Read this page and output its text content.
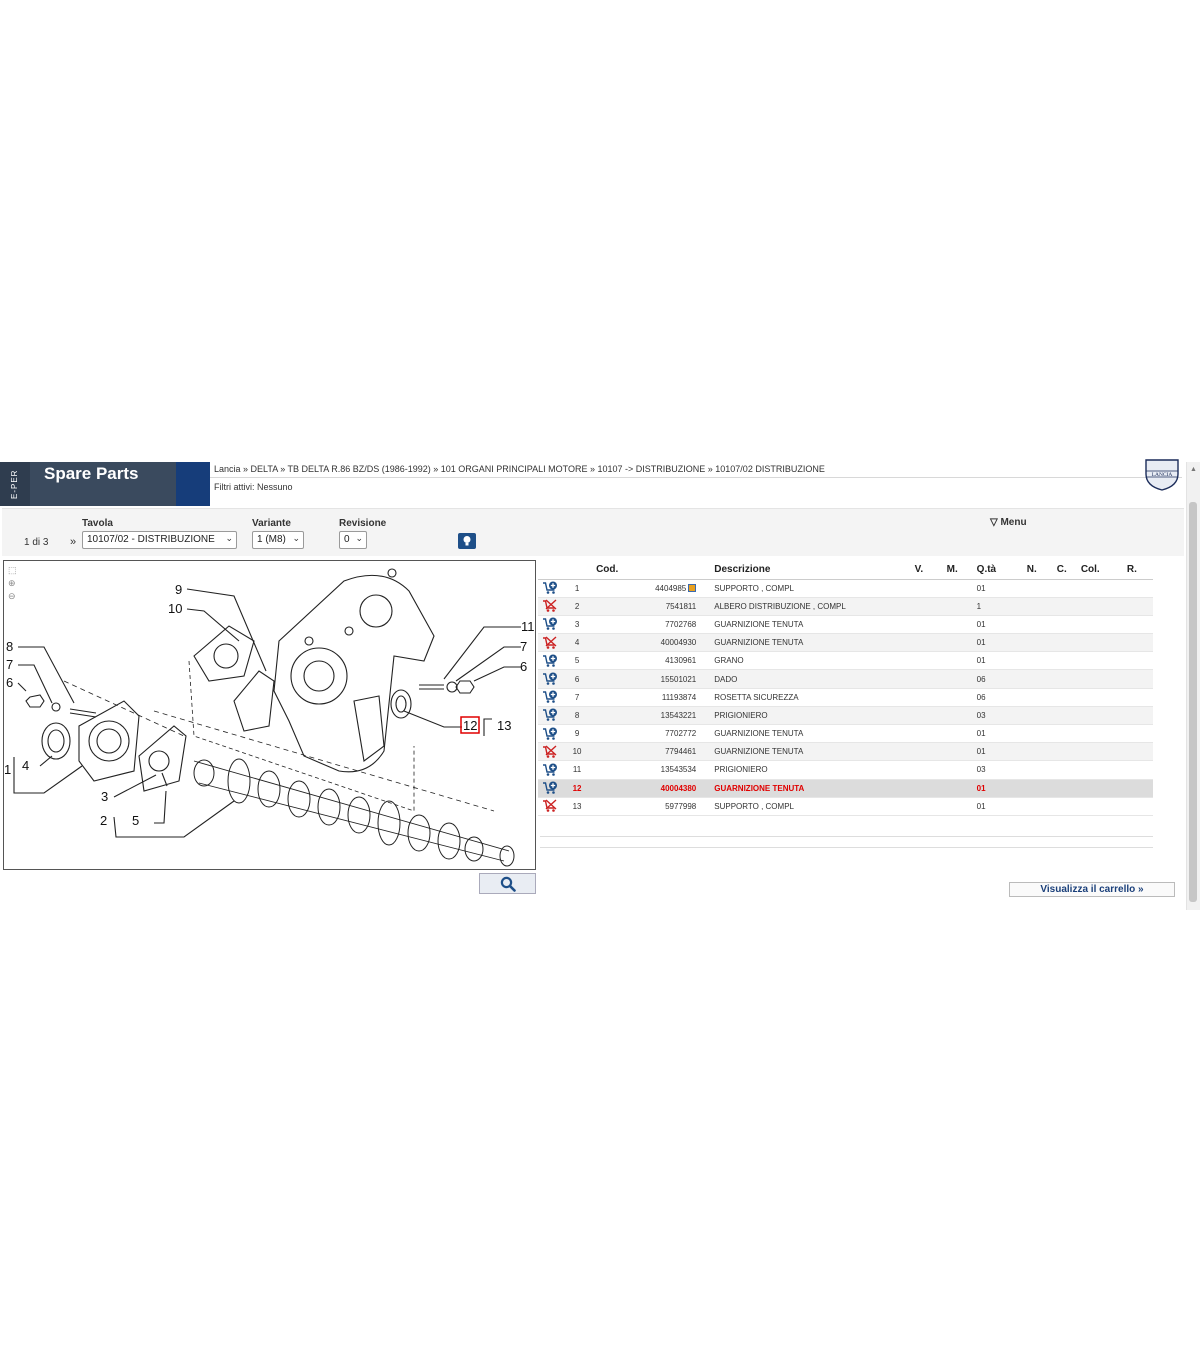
E-PER	Spare Parts	Lancia » DELTA » TB DELTA R.86 BZ/DS (1986-1992) » 101 ORGANI PRINCIPALI MOTORE » 10107 -> DISTRIBUZIONE » 10107/02 DISTRIBUZIONE
Filtri attivi: Nessuno
LANCIA
▲
Tavola	Variante	Revisione
1 di 3 »	10107/02 - DISTRIBUZIONE ⌄	1 (M8) ⌄	0 ⌄
▽ Menu
9
10
8
7
6
1 4
3
2 5
11
7
6
12 13
⬚
⊕
⊖
		Cod.	Descrizione	V.	M.	Q.tà	N.	C.	Col.	R.
	1	4404985	SUPPORTO , COMPL			01				
	2	7541811	ALBERO DISTRIBUZIONE , COMPL			1				
	3	7702768	GUARNIZIONE TENUTA			01				
	4	40004930	GUARNIZIONE TENUTA			01				
	5	4130961	GRANO			01				
	6	15501021	DADO			06				
	7	11193874	ROSETTA SICUREZZA			06				
	8	13543221	PRIGIONIERO			03				
	9	7702772	GUARNIZIONE TENUTA			01				
	10	7794461	GUARNIZIONE TENUTA			01				
	11	13543534	PRIGIONIERO			03				
	12	40004380	GUARNIZIONE TENUTA			01				
	13	5977998	SUPPORTO , COMPL			01				
Visualizza il carrello »
